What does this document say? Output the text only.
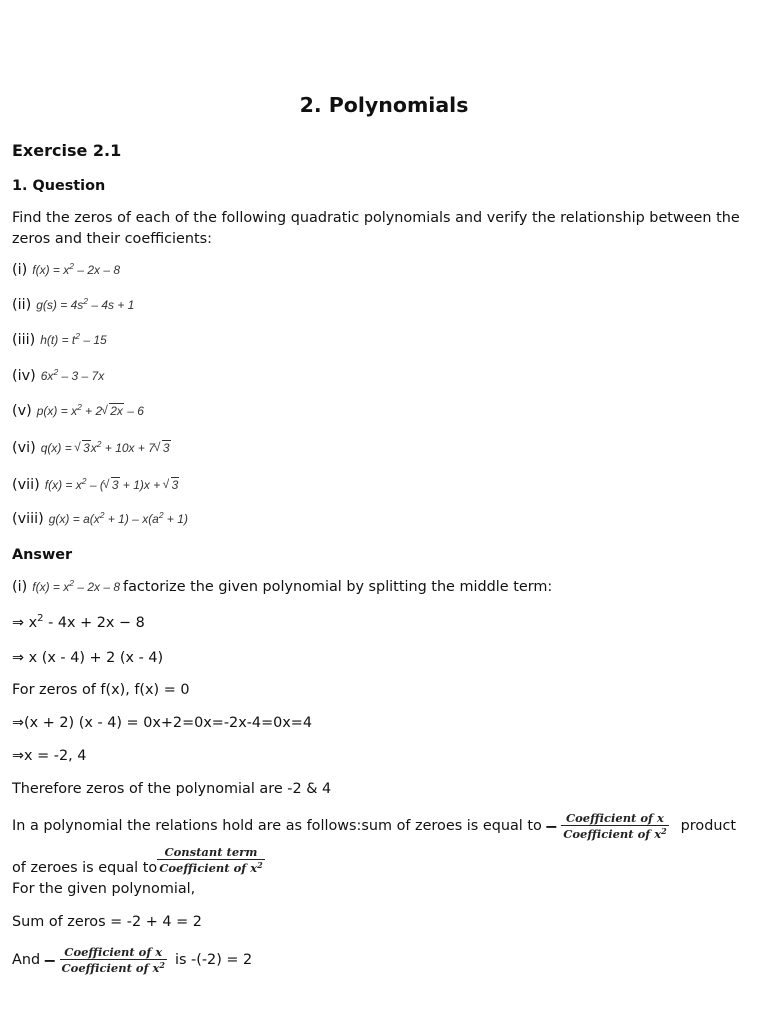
2. Polynomials
Exercise 2.1
1. Question
Find the zeros of each of the following quadratic polynomials and verify the relationship between the zeros and their coefficients:
(i) $f(x) = x^2 - 2x - 8$
(ii) $g(s) = 4s^2 - 4s + 1$
(iii) $h(t) = t^2 - 15$
(iv) $6x^2 - 3 - 7x$
(v) $p(x) = x^2 + 2√$ 2x – 6
(vi) q(x) = √ $3x^2 + 10x + 7√$ 3
(vii) $f(x) = x^2$ – (√ 3 + 1)x + √ 3
(viii) $g(x) = a(x^2 + 1) - x(a^2 + 1)$
Answer
(i) $f(x) = x^2 - 2x - 8$ factorize the given polynomial by splitting the middle term:
⇒ $x^2 - 4x + 2x - 8$
⇒ x (x - 4) + 2 (x - 4)
For zeros of f(x), f(x) = 0
⇒(x + 2) (x - 4) = 0x+2=0x=-2x-4=0x=4
⇒x = -2, 4
Therefore zeros of the polynomial are -2 & 4
In a polynomial the relations hold are as follows:sum of zeroes is equal to − $\frac{\text{Coefficient of x}}{Coefficient of x^2}$ product
of zeroes is equal to $\frac{\text{Constant term}}{Coefficient of x^2}$
For the given polynomial,
Sum of zeros = -2 + 4 = 2
And − $\frac{\text{Coefficient of x}}{Coefficient of x^2}$ is -(-2) = 2
